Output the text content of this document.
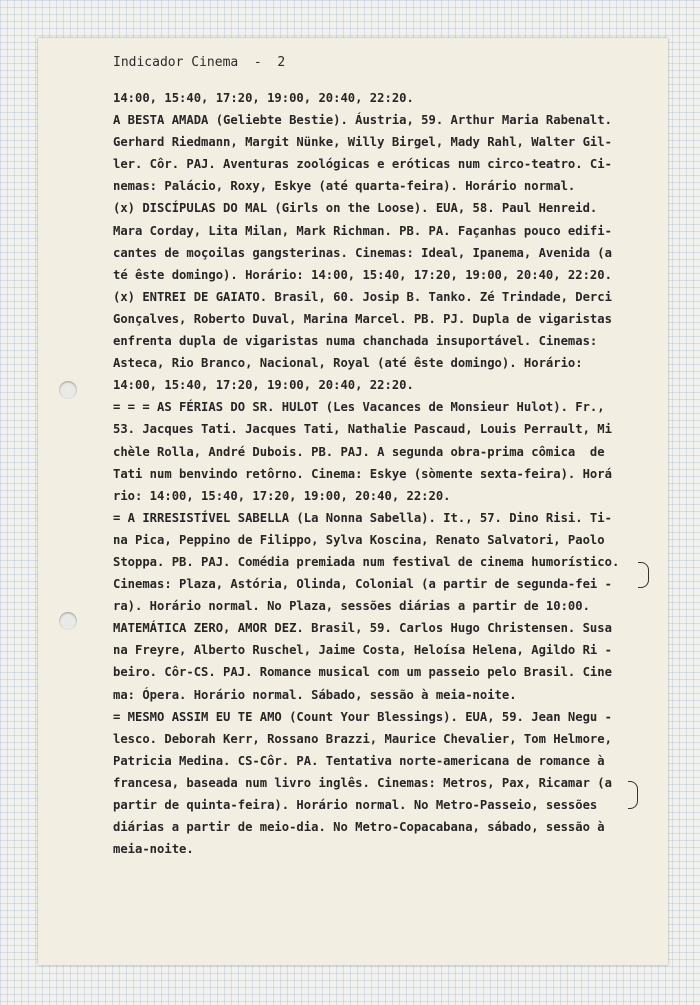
Indicador Cinema  -  2
14:00, 15:40, 17:20, 19:00, 20:40, 22:20.
A BESTA AMADA (Geliebte Bestie). Áustria, 59. Arthur Maria Rabenalt.
Gerhard Riedmann, Margit Nünke, Willy Birgel, Mady Rahl, Walter Gil-
ler. Côr. PAJ. Aventuras zoológicas e eróticas num circo-teatro. Ci-
nemas: Palácio, Roxy, Eskye (até quarta-feira). Horário normal.
(x) DISCÍPULAS DO MAL (Girls on the Loose). EUA, 58. Paul Henreid.
Mara Corday, Lita Milan, Mark Richman. PB. PA. Façanhas pouco edifi-
cantes de moçoilas gangsterinas. Cinemas: Ideal, Ipanema, Avenida (a
té êste domingo). Horário: 14:00, 15:40, 17:20, 19:00, 20:40, 22:20.
(x) ENTREI DE GAIATO. Brasil, 60. Josip B. Tanko. Zé Trindade, Derci
Gonçalves, Roberto Duval, Marina Marcel. PB. PJ. Dupla de vigaristas
enfrenta dupla de vigaristas numa chanchada insuportável. Cinemas:
Asteca, Rio Branco, Nacional, Royal (até êste domingo). Horário:
14:00, 15:40, 17:20, 19:00, 20:40, 22:20.
= = = AS FÉRIAS DO SR. HULOT (Les Vacances de Monsieur Hulot). Fr.,
53. Jacques Tati. Jacques Tati, Nathalie Pascaud, Louis Perrault, Mi
chèle Rolla, André Dubois. PB. PAJ. A segunda obra-prima cômica  de
Tati num benvindo retôrno. Cinema: Eskye (sòmente sexta-feira). Horá
rio: 14:00, 15:40, 17:20, 19:00, 20:40, 22:20.
= A IRRESISTÍVEL SABELLA (La Nonna Sabella). It., 57. Dino Risi. Ti-
na Pica, Peppino de Filippo, Sylva Koscina, Renato Salvatori, Paolo
Stoppa. PB. PAJ. Comédia premiada num festival de cinema humorístico.
Cinemas: Plaza, Astória, Olinda, Colonial (a partir de segunda-fei -
ra). Horário normal. No Plaza, sessões diárias a partir de 10:00.
MATEMÁTICA ZERO, AMOR DEZ. Brasil, 59. Carlos Hugo Christensen. Susa
na Freyre, Alberto Ruschel, Jaime Costa, Heloísa Helena, Agildo Ri -
beiro. Côr-CS. PAJ. Romance musical com um passeio pelo Brasil. Cine
ma: Ópera. Horário normal. Sábado, sessão à meia-noite.
= MESMO ASSIM EU TE AMO (Count Your Blessings). EUA, 59. Jean Negu -
lesco. Deborah Kerr, Rossano Brazzi, Maurice Chevalier, Tom Helmore,
Patricia Medina. CS-Côr. PA. Tentativa norte-americana de romance à
francesa, baseada num livro inglês. Cinemas: Metros, Pax, Ricamar (a
partir de quinta-feira). Horário normal. No Metro-Passeio, sessões
diárias a partir de meio-dia. No Metro-Copacabana, sábado, sessão à
meia-noite.
